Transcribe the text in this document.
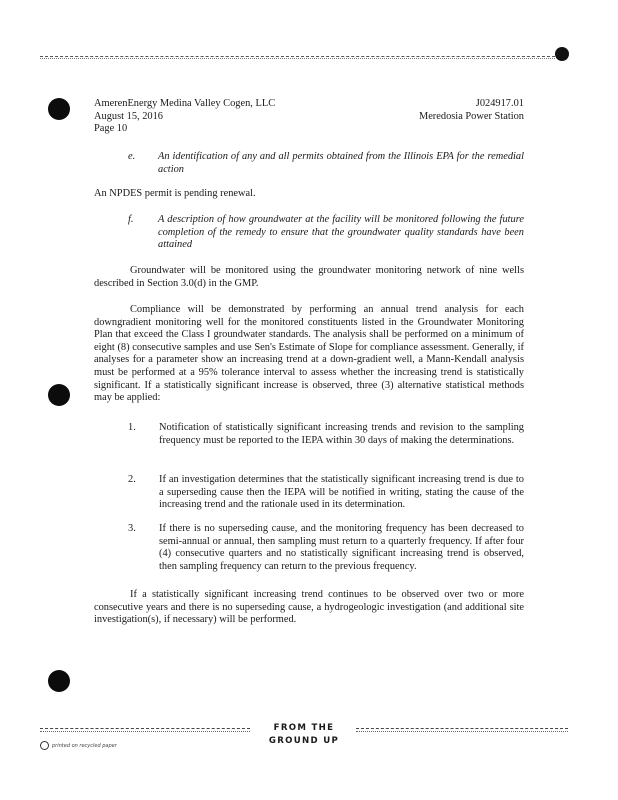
AmerenEnergy Medina Valley Cogen, LLC
August 15, 2016
Page 10
J024917.01
Meredosia Power Station
e. An identification of any and all permits obtained from the Illinois EPA for the remedial action

An NPDES permit is pending renewal.

f. A description of how groundwater at the facility will be monitored following the future completion of the remedy to ensure that the groundwater quality standards have been attained

Groundwater will be monitored using the groundwater monitoring network of nine wells described in Section 3.0(d) in the GMP.

Compliance will be demonstrated by performing an annual trend analysis for each downgradient monitoring well for the monitored constituents listed in the Groundwater Monitoring Plan that exceed the Class I groundwater standards. The analysis shall be performed on a minimum of eight (8) consecutive samples and use Sen's Estimate of Slope for compliance assessment. Generally, if analyses for a parameter show an increasing trend at a down-gradient well, a Mann-Kendall analysis must be performed at a 95% tolerance interval to assess whether the increasing trend is statistically significant. If a statistically significant increase is observed, three (3) alternative statistical methods may be applied:

1. Notification of statistically significant increasing trends and revision to the sampling frequency must be reported to the IEPA within 30 days of making the determinations.
2. If an investigation determines that the statistically significant increasing trend is due to a superseding cause then the IEPA will be notified in writing, stating the cause of the increasing trend and the rationale used in its determination.
3. If there is no superseding cause, and the monitoring frequency has been decreased to semi-annual or annual, then sampling must return to a quarterly frequency. If after four (4) consecutive quarters and no statistically significant increasing trend is observed, then sampling frequency can return to the previous frequency.

If a statistically significant increasing trend continues to be observed over two or more consecutive years and there is no superseding cause, a hydrogeologic investigation (and additional site investigation(s), if necessary) will be performed.

FROM THE GROUND UP
printed on recycled paper
